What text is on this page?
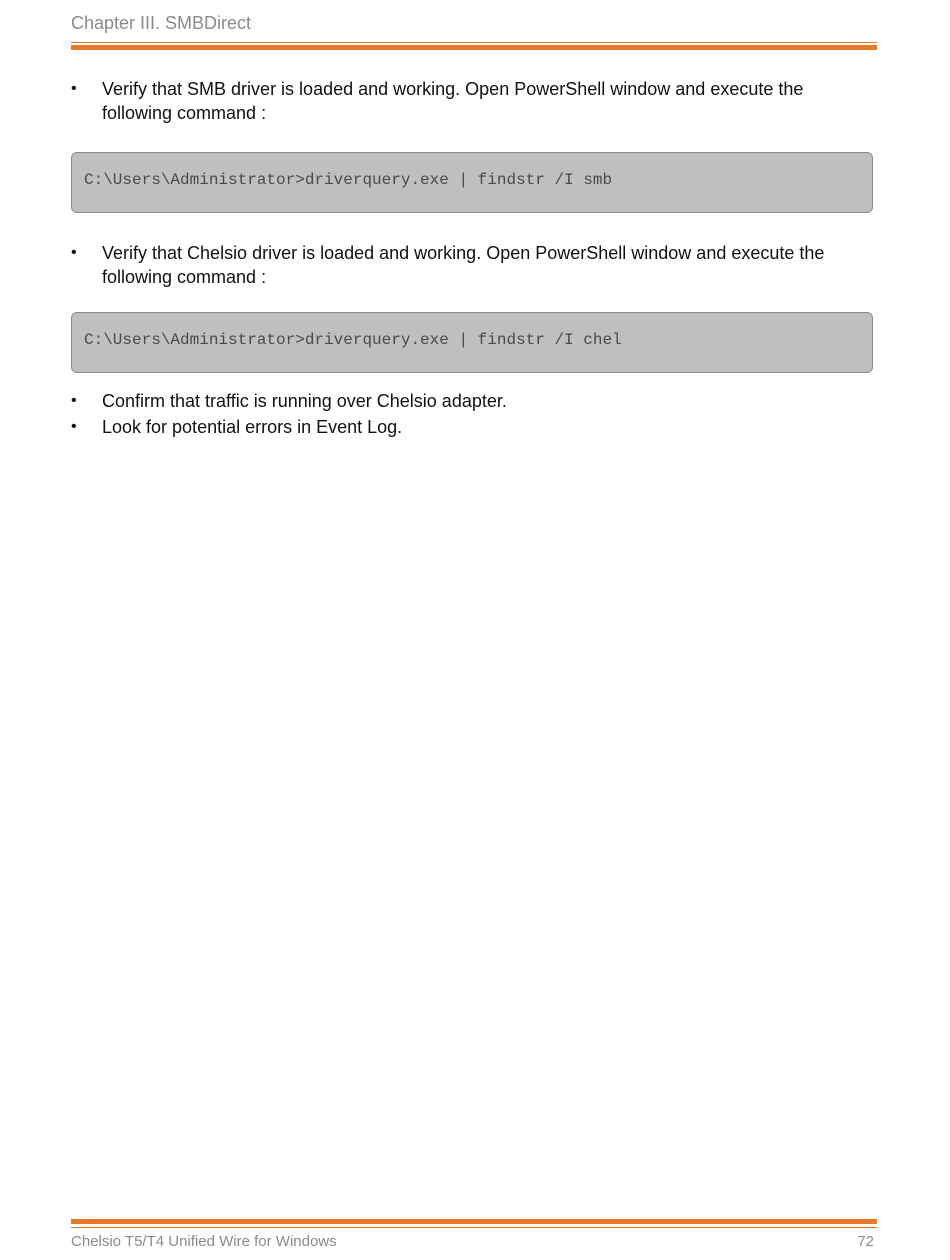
Chapter III. SMBDirect
•	Verify that SMB driver is loaded and working. Open PowerShell window and execute the following command :
C:\Users\Administrator>driverquery.exe | findstr /I smb
•	Verify that Chelsio driver is loaded and working. Open PowerShell window and execute the following command :
C:\Users\Administrator>driverquery.exe | findstr /I chel
•	Confirm that traffic is running over Chelsio adapter.
•	Look for potential errors in Event Log.
Chelsio T5/T4 Unified Wire for Windows	72
